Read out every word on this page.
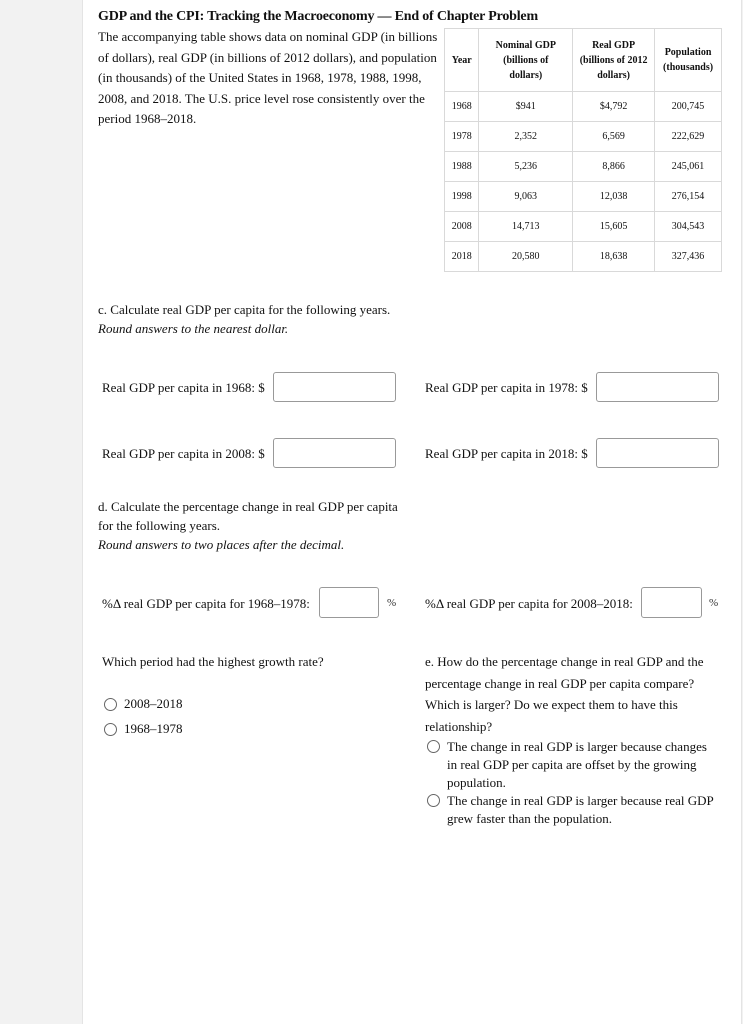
GDP and the CPI: Tracking the Macroeconomy — End of Chapter Problem
The accompanying table shows data on nominal GDP (in billions of dollars), real GDP (in billions of 2012 dollars), and population (in thousands) of the United States in 1968, 1978, 1988, 1998, 2008, and 2018. The U.S. price level rose consistently over the period 1968–2018.
Year	Nominal GDP (billions of dollars)	Real GDP (billions of 2012 dollars)	Population (thousands)
1968	$941	$4,792	200,745
1978	2,352	6,569	222,629
1988	5,236	8,866	245,061
1998	9,063	12,038	276,154
2008	14,713	15,605	304,543
2018	20,580	18,638	327,436
c. Calculate real GDP per capita for the following years.
Round answers to the nearest dollar.
Real GDP per capita in 1968: $	Real GDP per capita in 1978: $
Real GDP per capita in 2008: $	Real GDP per capita in 2018: $
d. Calculate the percentage change in real GDP per capita for the following years.
Round answers to two places after the decimal.
%Δ real GDP per capita for 1968–1978:	% %Δ real GDP per capita for 2008–2018:	%
Which period had the highest growth rate?
2008–2018
1968–1978
e. How do the percentage change in real GDP and the percentage change in real GDP per capita compare? Which is larger? Do we expect them to have this relationship?
The change in real GDP is larger because changes in real GDP per capita are offset by the growing population.
The change in real GDP is larger because real GDP grew faster than the population.
